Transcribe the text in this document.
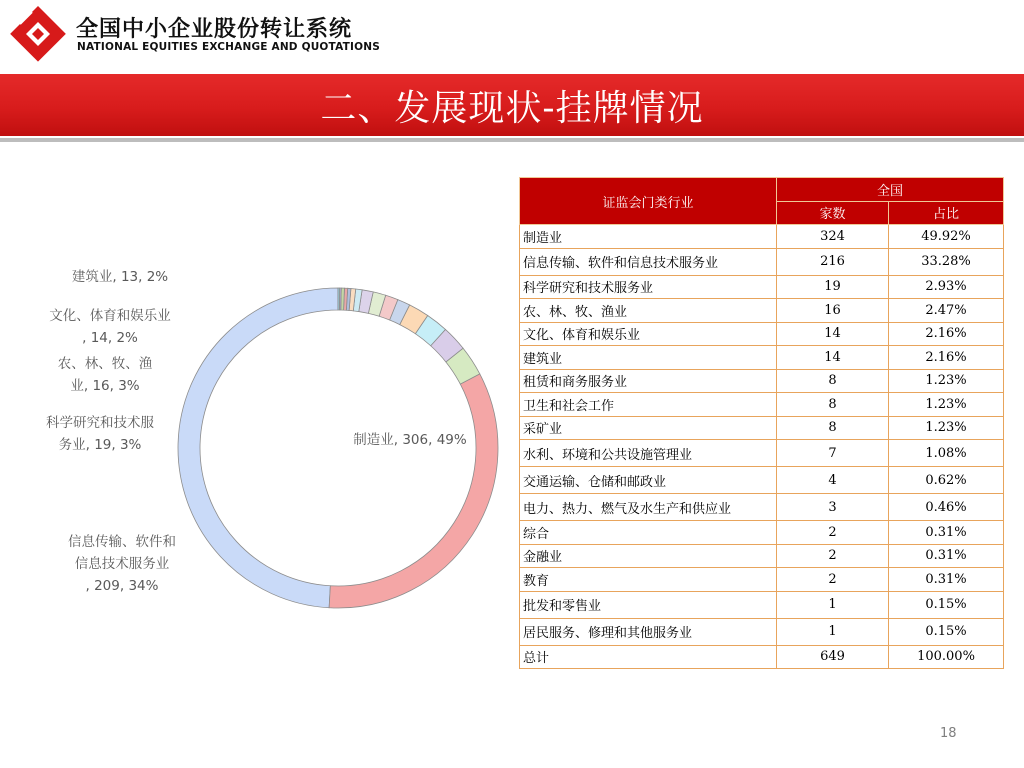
全国中小企业股份转让系统
NATIONAL EQUITIES EXCHANGE AND QUOTATIONS
二、发展现状-挂牌情况
制造业, 306, 49%
建筑业, 13, 2%
文化、体育和娱乐业, 14, 2%
农、林、牧、渔业, 16, 3%
科学研究和技术服务业, 19, 3%
信息传输、软件和信息技术服务业, 209, 34%
证监会门类行业	全国	
	家数	占比
制造业	324	49.92%
信息传输、软件和信息技术服务业	216	33.28%
科学研究和技术服务业	19	2.93%
农、林、牧、渔业	16	2.47%
文化、体育和娱乐业	14	2.16%
建筑业	14	2.16%
租赁和商务服务业	8	1.23%
卫生和社会工作	8	1.23%
采矿业	8	1.23%
水利、环境和公共设施管理业	7	1.08%
交通运输、仓储和邮政业	4	0.62%
电力、热力、燃气及水生产和供应业	3	0.46%
综合	2	0.31%
金融业	2	0.31%
教育	2	0.31%
批发和零售业	1	0.15%
居民服务、修理和其他服务业	1	0.15%
总计	649	100.00%
18
